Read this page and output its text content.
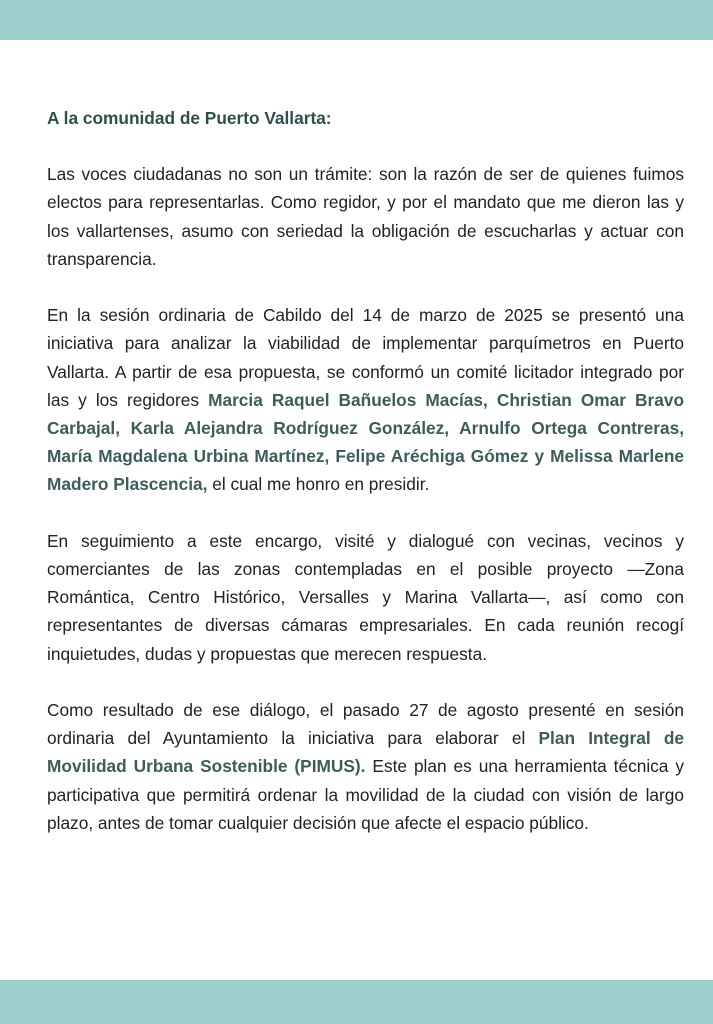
A la comunidad de Puerto Vallarta:

Las voces ciudadanas no son un trámite: son la razón de ser de quienes fuimos electos para representarlas. Como regidor, y por el mandato que me dieron las y los vallartenses, asumo con seriedad la obligación de escucharlas y actuar con transparencia.

En la sesión ordinaria de Cabildo del 14 de marzo de 2025 se presentó una iniciativa para analizar la viabilidad de implementar parquímetros en Puerto Vallarta. A partir de esa propuesta, se conformó un comité licitador integrado por las y los regidores Marcia Raquel Bañuelos Macías, Christian Omar Bravo Carbajal, Karla Alejandra Rodríguez González, Arnulfo Ortega Contreras, María Magdalena Urbina Martínez, Felipe Aréchiga Gómez y Melissa Marlene Madero Plascencia, el cual me honro en presidir.

En seguimiento a este encargo, visité y dialogué con vecinas, vecinos y comerciantes de las zonas contempladas en el posible proyecto —Zona Romántica, Centro Histórico, Versalles y Marina Vallarta—, así como con representantes de diversas cámaras empresariales. En cada reunión recogí inquietudes, dudas y propuestas que merecen respuesta.

Como resultado de ese diálogo, el pasado 27 de agosto presenté en sesión ordinaria del Ayuntamiento la iniciativa para elaborar el Plan Integral de Movilidad Urbana Sostenible (PIMUS). Este plan es una herramienta técnica y participativa que permitirá ordenar la movilidad de la ciudad con visión de largo plazo, antes de tomar cualquier decisión que afecte el espacio público.
